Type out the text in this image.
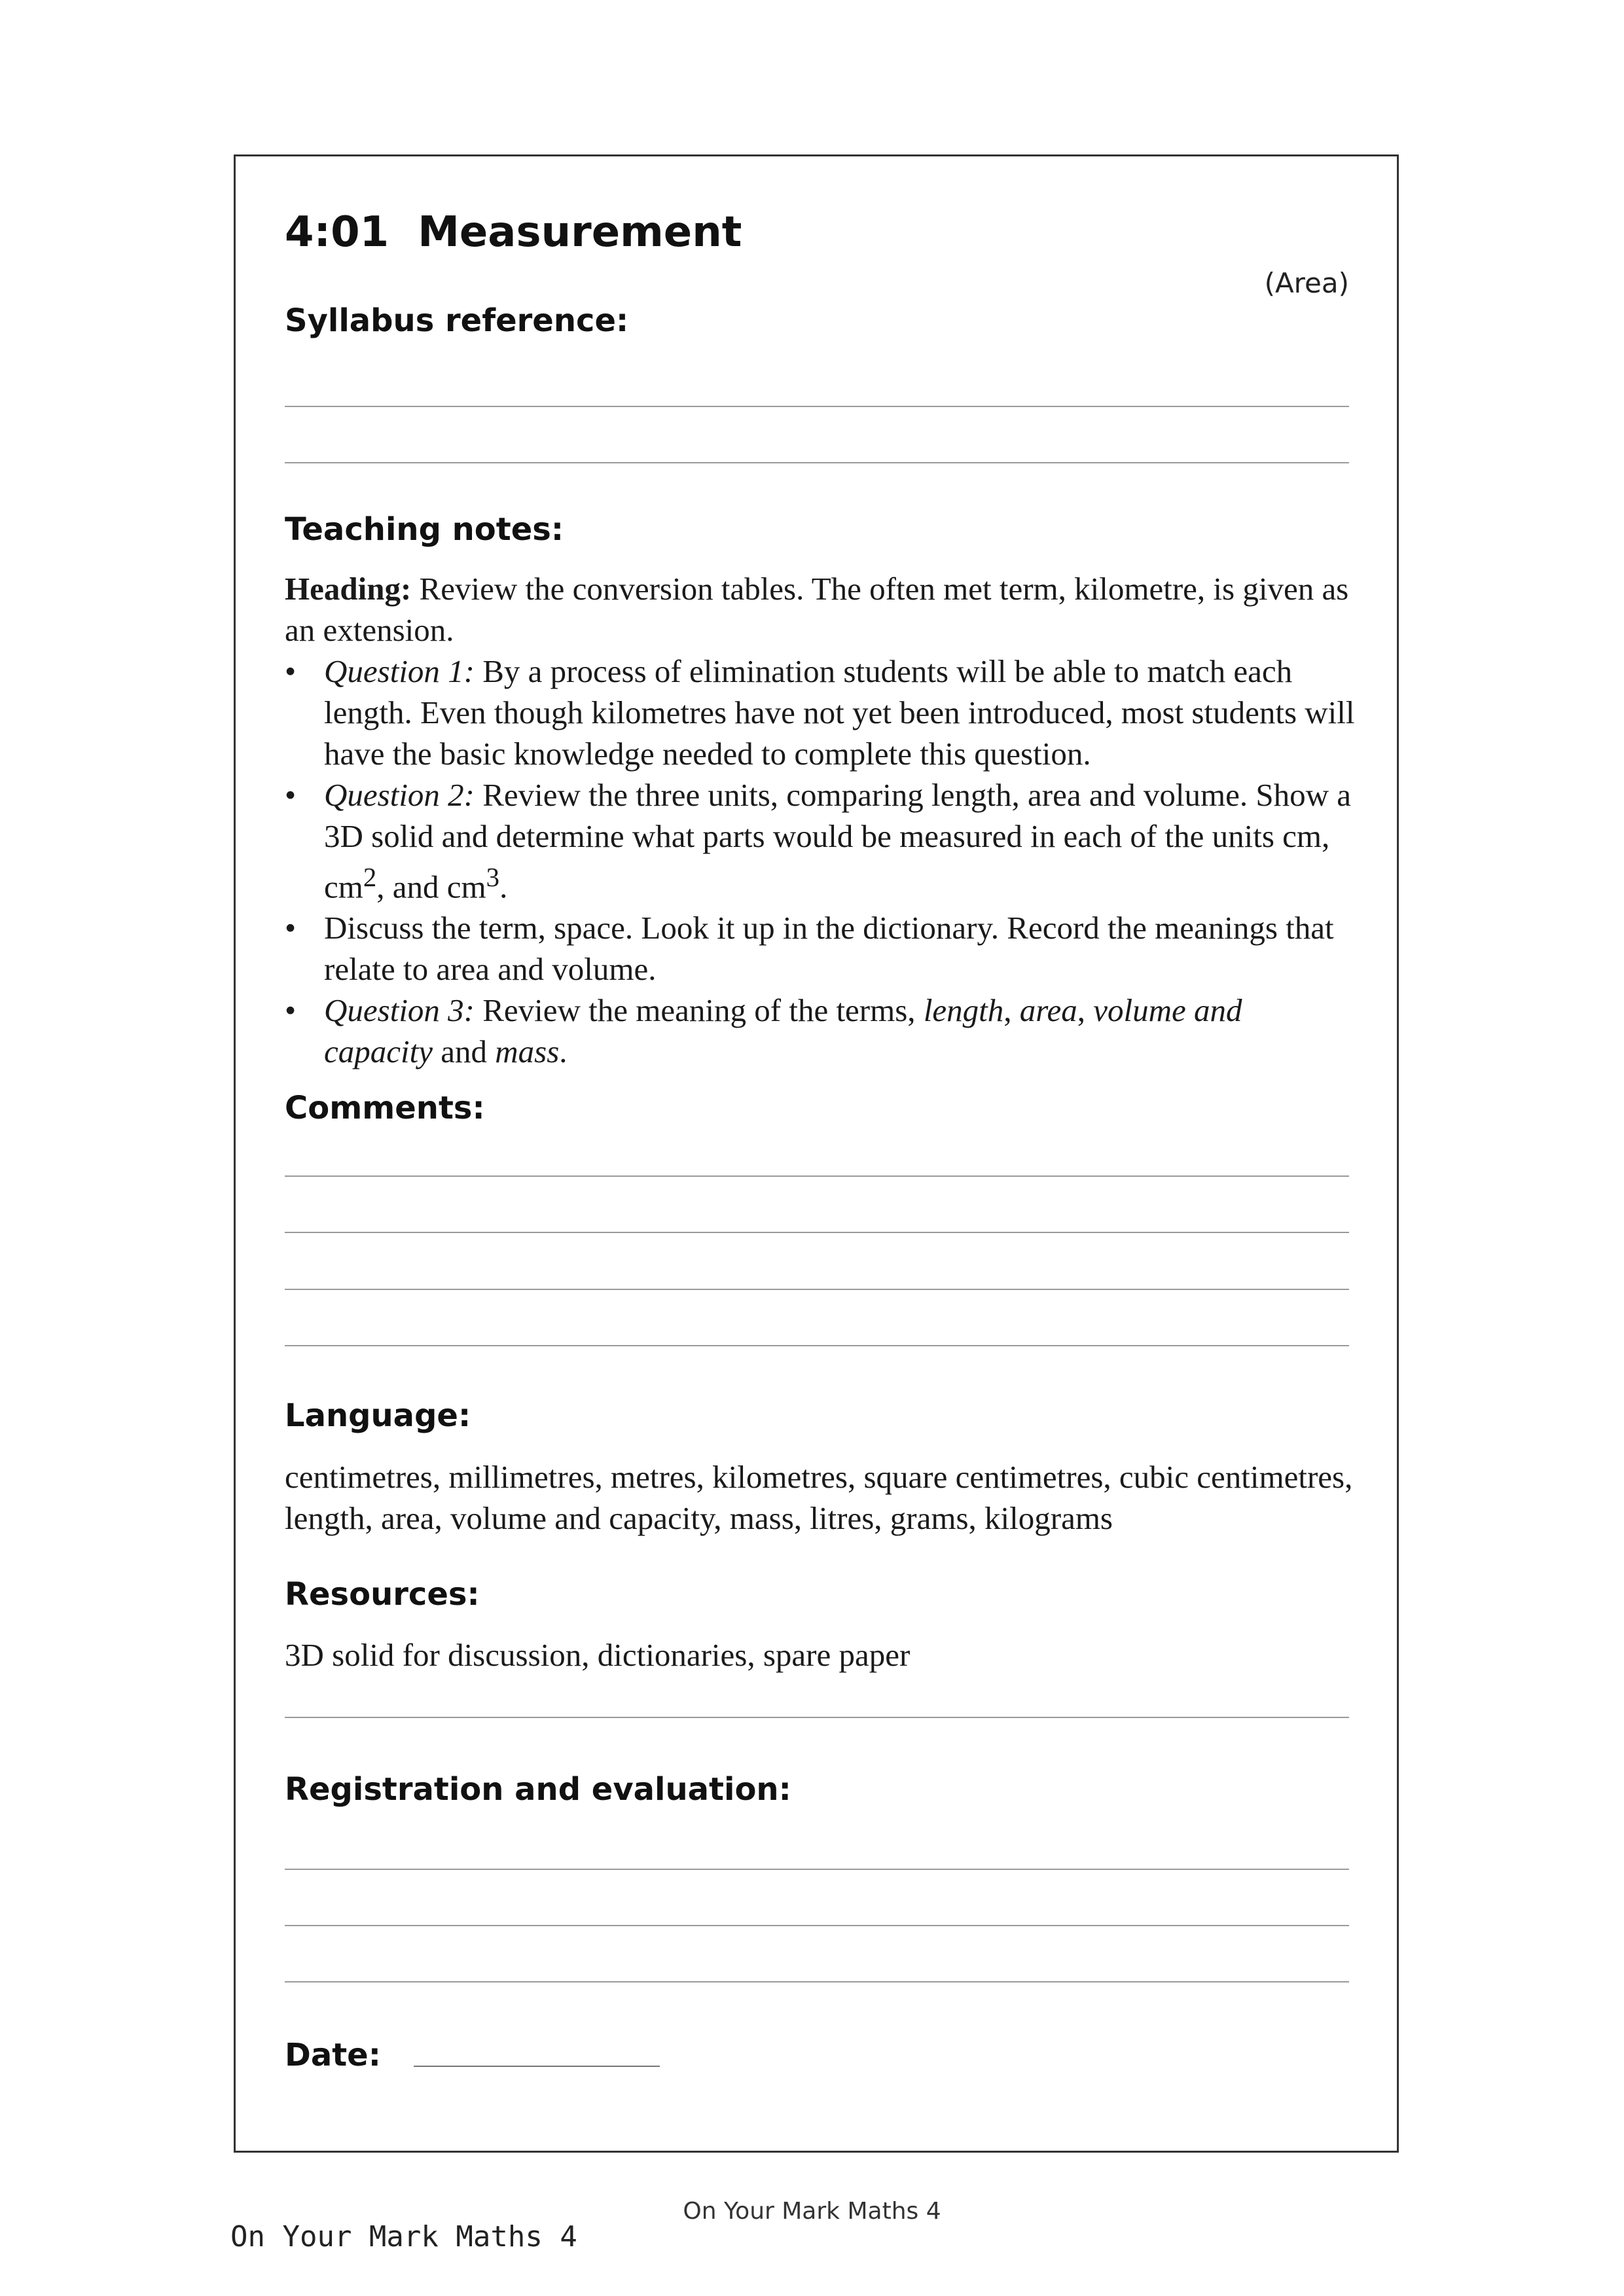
4:01 Measurement
(Area)
Syllabus reference:
Teaching notes:

Heading: Review the conversion tables. The often met term, kilometre, is given as an extension.

• Question 1: By a process of elimination students will be able to match each length. Even though kilometres have not yet been introduced, most students will have the basic knowledge needed to complete this question.
• Question 2: Review the three units, comparing length, area and volume. Show a 3D solid and determine what parts would be measured in each of the units cm, $cm^2$, and $cm^3$.
• Discuss the term, space. Look it up in the dictionary. Record the meanings that relate to area and volume.
• Question 3: Review the meaning of the terms, length, area, volume and capacity and mass.
Comments:
Language:

centimetres, millimetres, metres, kilometres, square centimetres, cubic centimetres, length, area, volume and capacity, mass, litres, grams, kilograms

Resources:

3D solid for discussion, dictionaries, spare paper

Registration and evaluation:
Date:
On Your Mark Maths 4
On Your Mark Maths 4
